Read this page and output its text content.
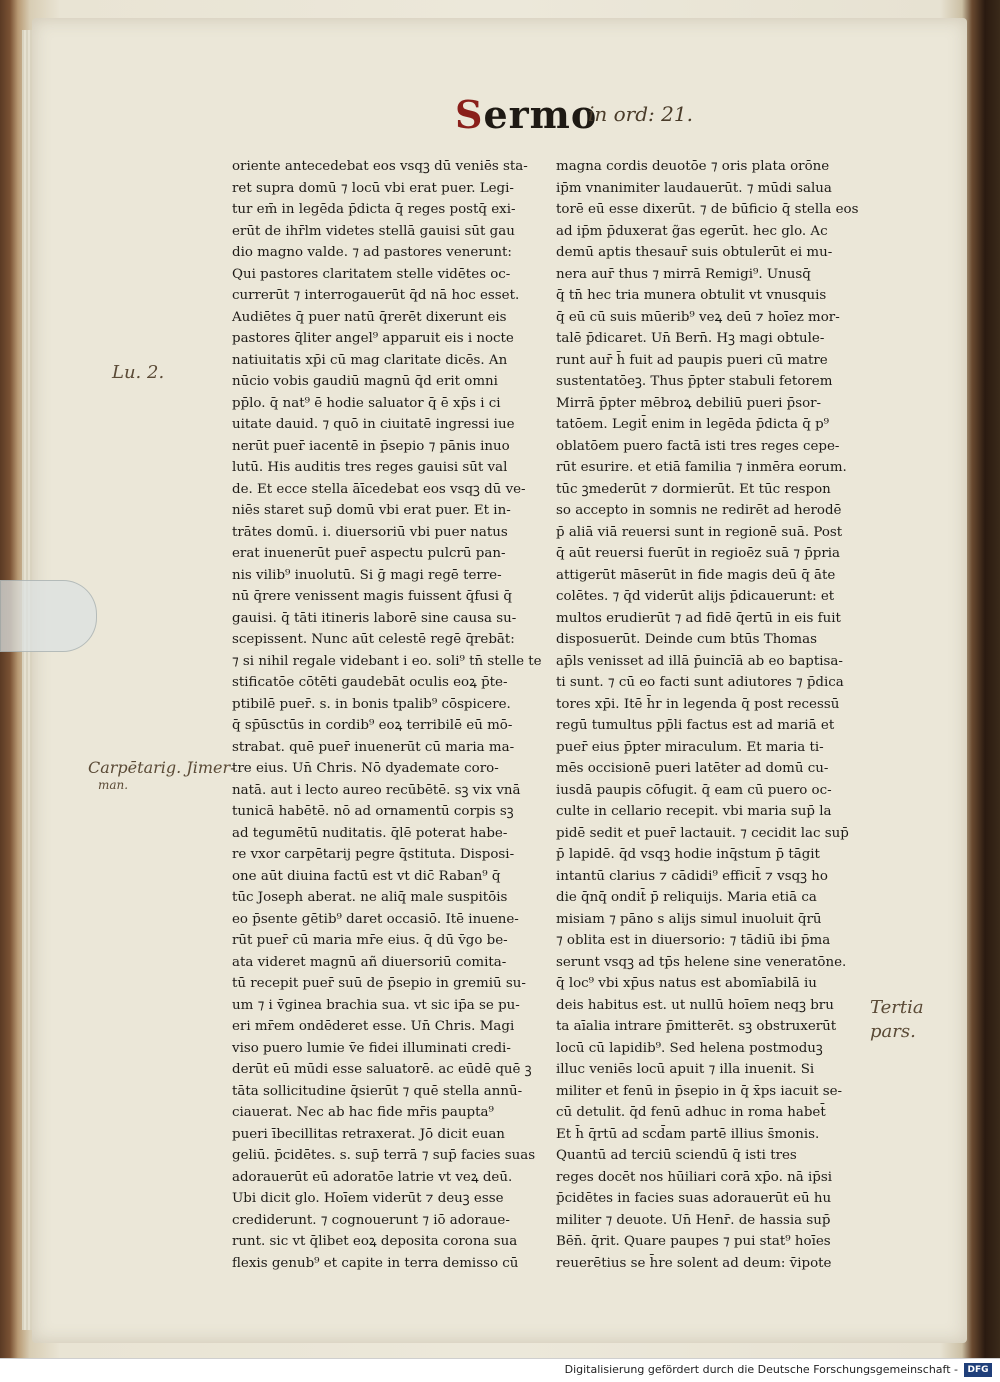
Sermo
in ord: 21.
Lu. 2.
Carpētarig. Jimer-
man.
Tertia pars.
oriente antecedebat eos vsqꝫ dū veniēs sta-
ret supra domū ⁊ locū vbi erat puer. Legi-
tur em̄ in legēda p̄dicta q̄ reges postq̄ exi-
erūt de ihr̄lm videtes stellā gauisi sūt gau
dio magno valde. ⁊ ad pastores venerunt:
Qui pastores claritatem stelle vidētes oc-
currerūt ⁊ interrogauerūt q̄d nā hoc esset.
Audiētes q̄ puer natū q̄rerēt dixerunt eis
pastores q̄liter angel⁹ apparuit eis i nocte
natiuitatis xp̄i cū mag claritate dicēs. An
nūcio vobis gaudiū magnū q̄d erit omni
pp̄lo. q̄ nat⁹ ē hodie saluator q̄ ē xp̄s i ci
uitate dauid. ⁊ quō in ciuitatē ingressi iue
nerūt puer̄ iacentē in p̄sepio ⁊ pānis inuo
lutū. His auditis tres reges gauisi sūt val
de. Et ecce stella āīcedebat eos vsqꝫ dū ve-
niēs staret sup̄ domū vbi erat puer. Et in-
trātes domū. i. diuersoriū vbi puer natus
erat inuenerūt puer̄ aspectu pulcrū pan-
nis vilib⁹ inuolutū. Si ḡ magi regē terre-
nū q̄rere venissent magis fuissent q̄fusi q̄
gauisi. q̄ tāti itineris laborē sine causa su-
scepissent. Nunc aūt celestē regē q̄rebāt:
⁊ si nihil regale videbant i eo. soli⁹ tn̄ stelle te
stificatōe cōtēti gaudebāt oculis eoꝝ p̄te-
ptibilē puer̄. s. in bonis tpalib⁹ cōspicere.
q̄ sp̄ūsctūs in cordib⁹ eoꝝ terribilē eū mō-
strabat. quē puer̄ inuenerūt cū maria ma-
tre eius. Un̄ Chris. Nō dyademate coro-
natā. aut i lecto aureo recūbētē. sꝫ vix vnā
tunicā habētē. nō ad ornamentū corpis sꝫ
ad tegumētū nuditatis. q̄lē poterat habe-
re vxor carpētarij pegre q̄stituta. Disposi-
one aūt diuina factū est vt dic̄ Raban⁹ q̄
tūc Joseph aberat. ne aliq̄ male suspitōis
eo p̄sente gētib⁹ daret occasiō. Itē inuene-
rūt puer̄ cū maria mr̄e eius. q̄ dū v̄go be-
ata videret magnū añ diuersoriū comita-
tū recepit puer̄ suū de p̄sepio in gremiū su-
um ⁊ i v̄ginea brachia sua. vt sic ip̄a se pu-
eri mr̄em ondēderet esse. Un̄ Chris. Magi
viso puero lumie v̄e fidei illuminati credi-
derūt eū mūdi esse saluatorē. ac eūdē quē ꝫ
tāta sollicitudine q̄sierūt ⁊ quē stella annū-
ciauerat. Nec ab hac fide mr̄is paupta⁹
pueri ībecillitas retraxerat. Jō dicit euan
geliū. p̄cidētes. s. sup̄ terrā ⁊ sup̄ facies suas
adorauerūt eū adoratōe latrie vt veꝝ deū.
Ubi dicit glo. Hoīem viderūt ⁊ deuꝫ esse
crediderunt. ⁊ cognouerunt ⁊ iō adoraue-
runt. sic vt q̄libet eoꝝ deposita corona sua
flexis genub⁹ et capite in terra demisso cū
magna cordis deuotōe ⁊ oris plata orōne
ip̄m vnanimiter laudauerūt. ⁊ mūdi salua
torē eū esse dixerūt. ⁊ de būficio q̄ stella eos
ad ip̄m p̄duxerat g̃as egerūt. hec glo. Ac
demū aptis thesaur̄ suis obtulerūt ei mu-
nera aur̄ thus ⁊ mirrā Remigi⁹. Unusq̄
q̄ tn̄ hec tria munera obtulit vt vnusquis
q̄ eū cū suis mūerib⁹ veꝝ deū ⁊ hoīez mor-
talē p̄dicaret. Un̄ Bern̄. Hꝫ magi obtule-
runt aur̄ h̄ fuit ad paupis pueri cū matre
sustentatōeꝫ. Thus p̄pter stabuli fetorem
Mirrā p̄pter mēbroꝝ debiliū pueri p̄sor-
tatōem. Legit̄ enim in legēda p̄dicta q̄ p⁹
oblatōem puero factā isti tres reges cepe-
rūt esurire. et etiā familia ⁊ inmēra eorum.
tūc ꝫmederūt ⁊ dormierūt. Et tūc respon
so accepto in somnis ne redirēt ad herodē
p̄ aliā viā reuersi sunt in regionē suā. Post
q̄ aūt reuersi fuerūt in regioēz suā ⁊ p̄pria
attigerūt māserūt in fide magis deū q̄ āte
colētes. ⁊ q̄d viderūt alijs p̄dicauerunt: et
multos erudierūt ⁊ ad fidē q̄ertū in eis fuit
disposuerūt. Deinde cum btūs Thomas
ap̄ls venisset ad illā p̄uincīā ab eo baptisa-
ti sunt. ⁊ cū eo facti sunt adiutores ⁊ p̄dica
tores xp̄i. Itē h̄r in legenda q̄ post recessū
regū tumultus pp̄li factus est ad mariā et
puer̄ eius p̄pter miraculum. Et maria ti-
mēs occisionē pueri latēter ad domū cu-
iusdā paupis cōfugit. q̄ eam cū puero oc-
culte in cellario recepit. vbi maria sup̄ la
pidē sedit et puer̄ lactauit. ⁊ cecidit lac sup̄
p̄ lapidē. q̄d vsqꝫ hodie inq̄stum p̄ tāgit
intantū clarius ⁊ cādidi⁹ efficit̄ ⁊ vsqꝫ ho
die q̄nq̄ ondit̄ p̄ reliquijs. Maria etiā ca
misiam ⁊ pāno s alijs simul inuoluit q̄rū
⁊ oblita est in diuersorio: ⁊ tādiū ibi p̄ma
serunt vsqꝫ ad tp̄s helene sine veneratōne.
q̄ loc⁹ vbi xp̄us natus est abomīabilā iu
deis habitus est. ut nullū hoīem neqꝫ bru
ta aīalia intrare p̄mitterēt. sꝫ obstruxerūt
locū cū lapidib⁹. Sed helena postmoduꝫ
illuc veniēs locū apuit ⁊ illa inuenit. Si
militer et fenū in p̄sepio in q̄ x̄ps iacuit se-
cū detulit. q̄d fenū adhuc in roma habet̄
Et h̄ q̄rtū ad scd̄am partē illius s̄monis.
Quantū ad terciū sciendū q̄ isti tres
reges docēt nos hūiliari corā xp̄o. nā ip̄si
p̄cidētes in facies suas adorauerūt eū hu
militer ⁊ deuote. Un̄ Henr̄. de hassia sup̄
Bēn̄. q̄rit. Quare paupes ⁊ pui stat⁹ hoīes
reuerētius se h̄re solent ad deum: v̄ipote
Digitalisierung gefördert durch die Deutsche Forschungsgemeinschaft -	DFG
